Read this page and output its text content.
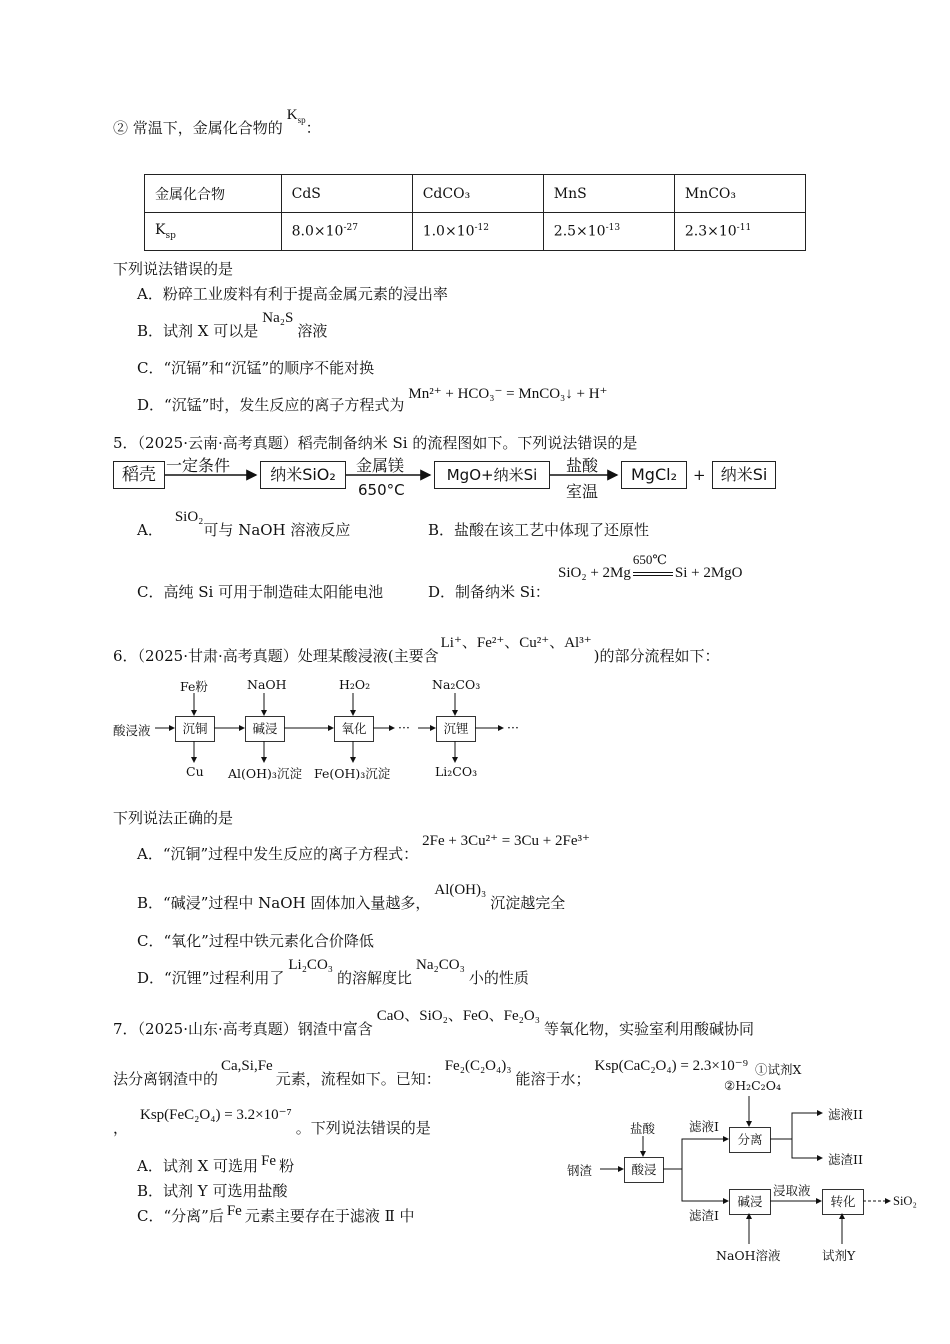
② 常温下，金属化合物的$K_{sp}$：
金属化合物	CdS	CdCO₃	MnS	MnCO₃
$K_{sp}$	$8.0\times 10^{-27}$	$1.0\times 10^{-12}$	$2.5\times 10^{-13}$	$2.3\times 10^{-11}$
下列说法错误的是
A．粉碎工业废料有利于提高金属元素的浸出率
B．试剂 X 可以是Na₂S溶液
C．“沉镉”和“沉锰”的顺序不能对换
D．“沉锰”时，发生反应的离子方程式为Mn²⁺ + HCO₃⁻ = MnCO₃↓ + H⁺
5．（2025·云南·高考真题）稻壳制备纳米 Si 的流程图如下。下列说法错误的是
稻壳 一定条件	纳米SiO₂	金属镁
650°C
MgO+纳米Si	盐酸
室温
MgCl₂	+ 纳米Si
A．SiO₂可与 NaOH 溶液反应	B．盐酸在该工艺中体现了还原性
C．高纯 Si 可用于制造硅太阳能电池	D．制备纳米 Si：
SiO₂ + 2Mg
650℃
Si + 2MgO
6．（2025·甘肃·高考真题）处理某酸浸液(主要含Li⁺、Fe²⁺、Cu²⁺、Al³⁺)的部分流程如下：
酸浸液
Fe粉
沉铜
Cu
NaOH
碱浸
Al(OH)₃沉淀
H₂O₂
氧化
Fe(OH)₃沉淀
···
Na₂CO₃
沉锂
Li₂CO₃
···
下列说法正确的是
A．“沉铜”过程中发生反应的离子方程式：2Fe + 3Cu²⁺ = 3Cu + 2Fe³⁺
B．“碱浸”过程中 NaOH 固体加入量越多，Al(OH)₃沉淀越完全
C．“氧化”过程中铁元素化合价降低
D．“沉锂”过程利用了Li₂CO₃的溶解度比Na₂CO₃小的性质
7．（2025·山东·高考真题）钢渣中富含CaO、SiO₂、FeO、Fe₂O₃等氧化物，实验室利用酸碱协同
法分离钢渣中的Ca,Si,Fe元素，流程如下。已知：Fe₂(C₂O₄)₃能溶于水；Ksp(CaC₂O₄) = 2.3×10⁻⁹
，Ksp(FeC₂O₄) = 3.2×10⁻⁷。下列说法错误的是
A．试剂 X 可选用 Fe 粉
B．试剂 Y 可选用盐酸
C．“分离”后 Fe 元素主要存在于滤液 Ⅱ 中
①试剂X
②H₂C₂O₄
盐酸
钢渣	酸浸
滤液I
分离
滤液II
滤渣II
滤渣I
碱浸
浸取液
转化	SiO₂
NaOH溶液	试剂Y
